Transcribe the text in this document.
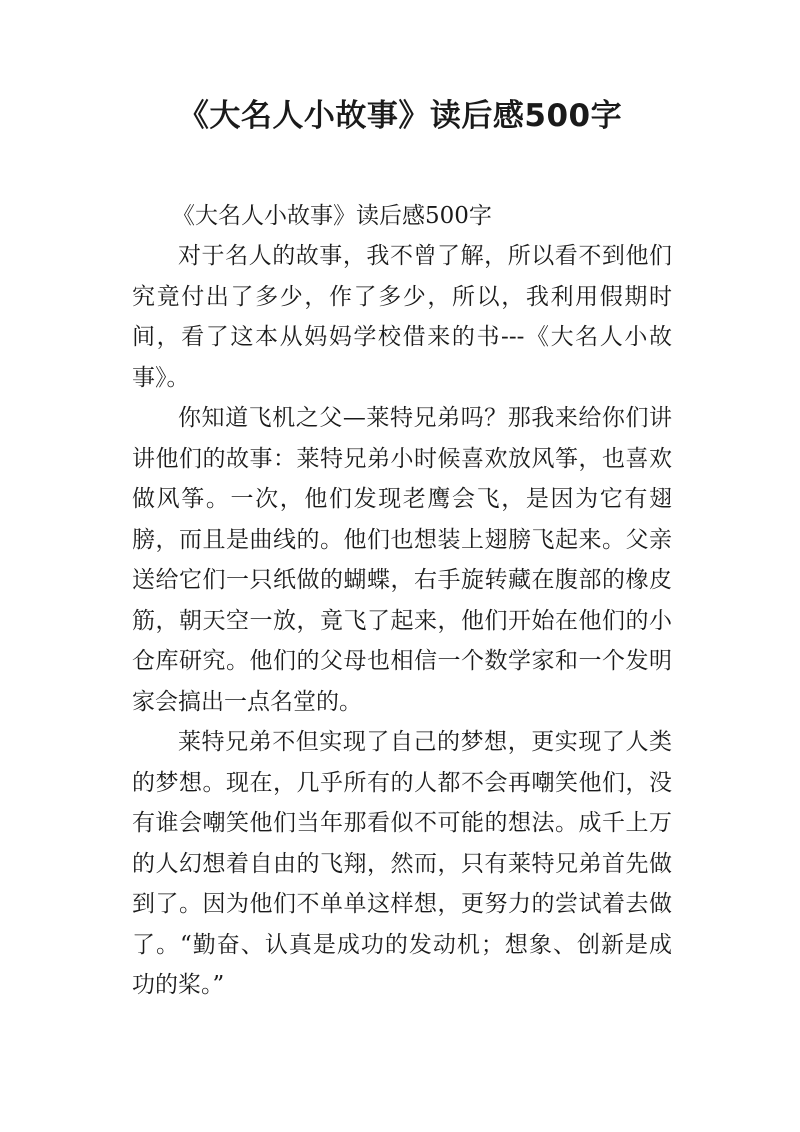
《大名人小故事》读后感500字

《大名人小故事》读后感500字

对于名人的故事，我不曾了解，所以看不到他们究竟付出了多少，作了多少，所以，我利用假期时间，看了这本从妈妈学校借来的书---《大名人小故事》。

你知道飞机之父—莱特兄弟吗？那我来给你们讲讲他们的故事：莱特兄弟小时候喜欢放风筝，也喜欢做风筝。一次，他们发现老鹰会飞，是因为它有翅膀，而且是曲线的。他们也想装上翅膀飞起来。父亲送给它们一只纸做的蝴蝶，右手旋转藏在腹部的橡皮筋，朝天空一放，竟飞了起来，他们开始在他们的小仓库研究。他们的父母也相信一个数学家和一个发明家会搞出一点名堂的。

莱特兄弟不但实现了自己的梦想，更实现了人类的梦想。现在，几乎所有的人都不会再嘲笑他们，没有谁会嘲笑他们当年那看似不可能的想法。成千上万的人幻想着自由的飞翔，然而，只有莱特兄弟首先做到了。因为他们不单单这样想，更努力的尝试着去做了。“勤奋、认真是成功的发动机；想象、创新是成功的桨。”
